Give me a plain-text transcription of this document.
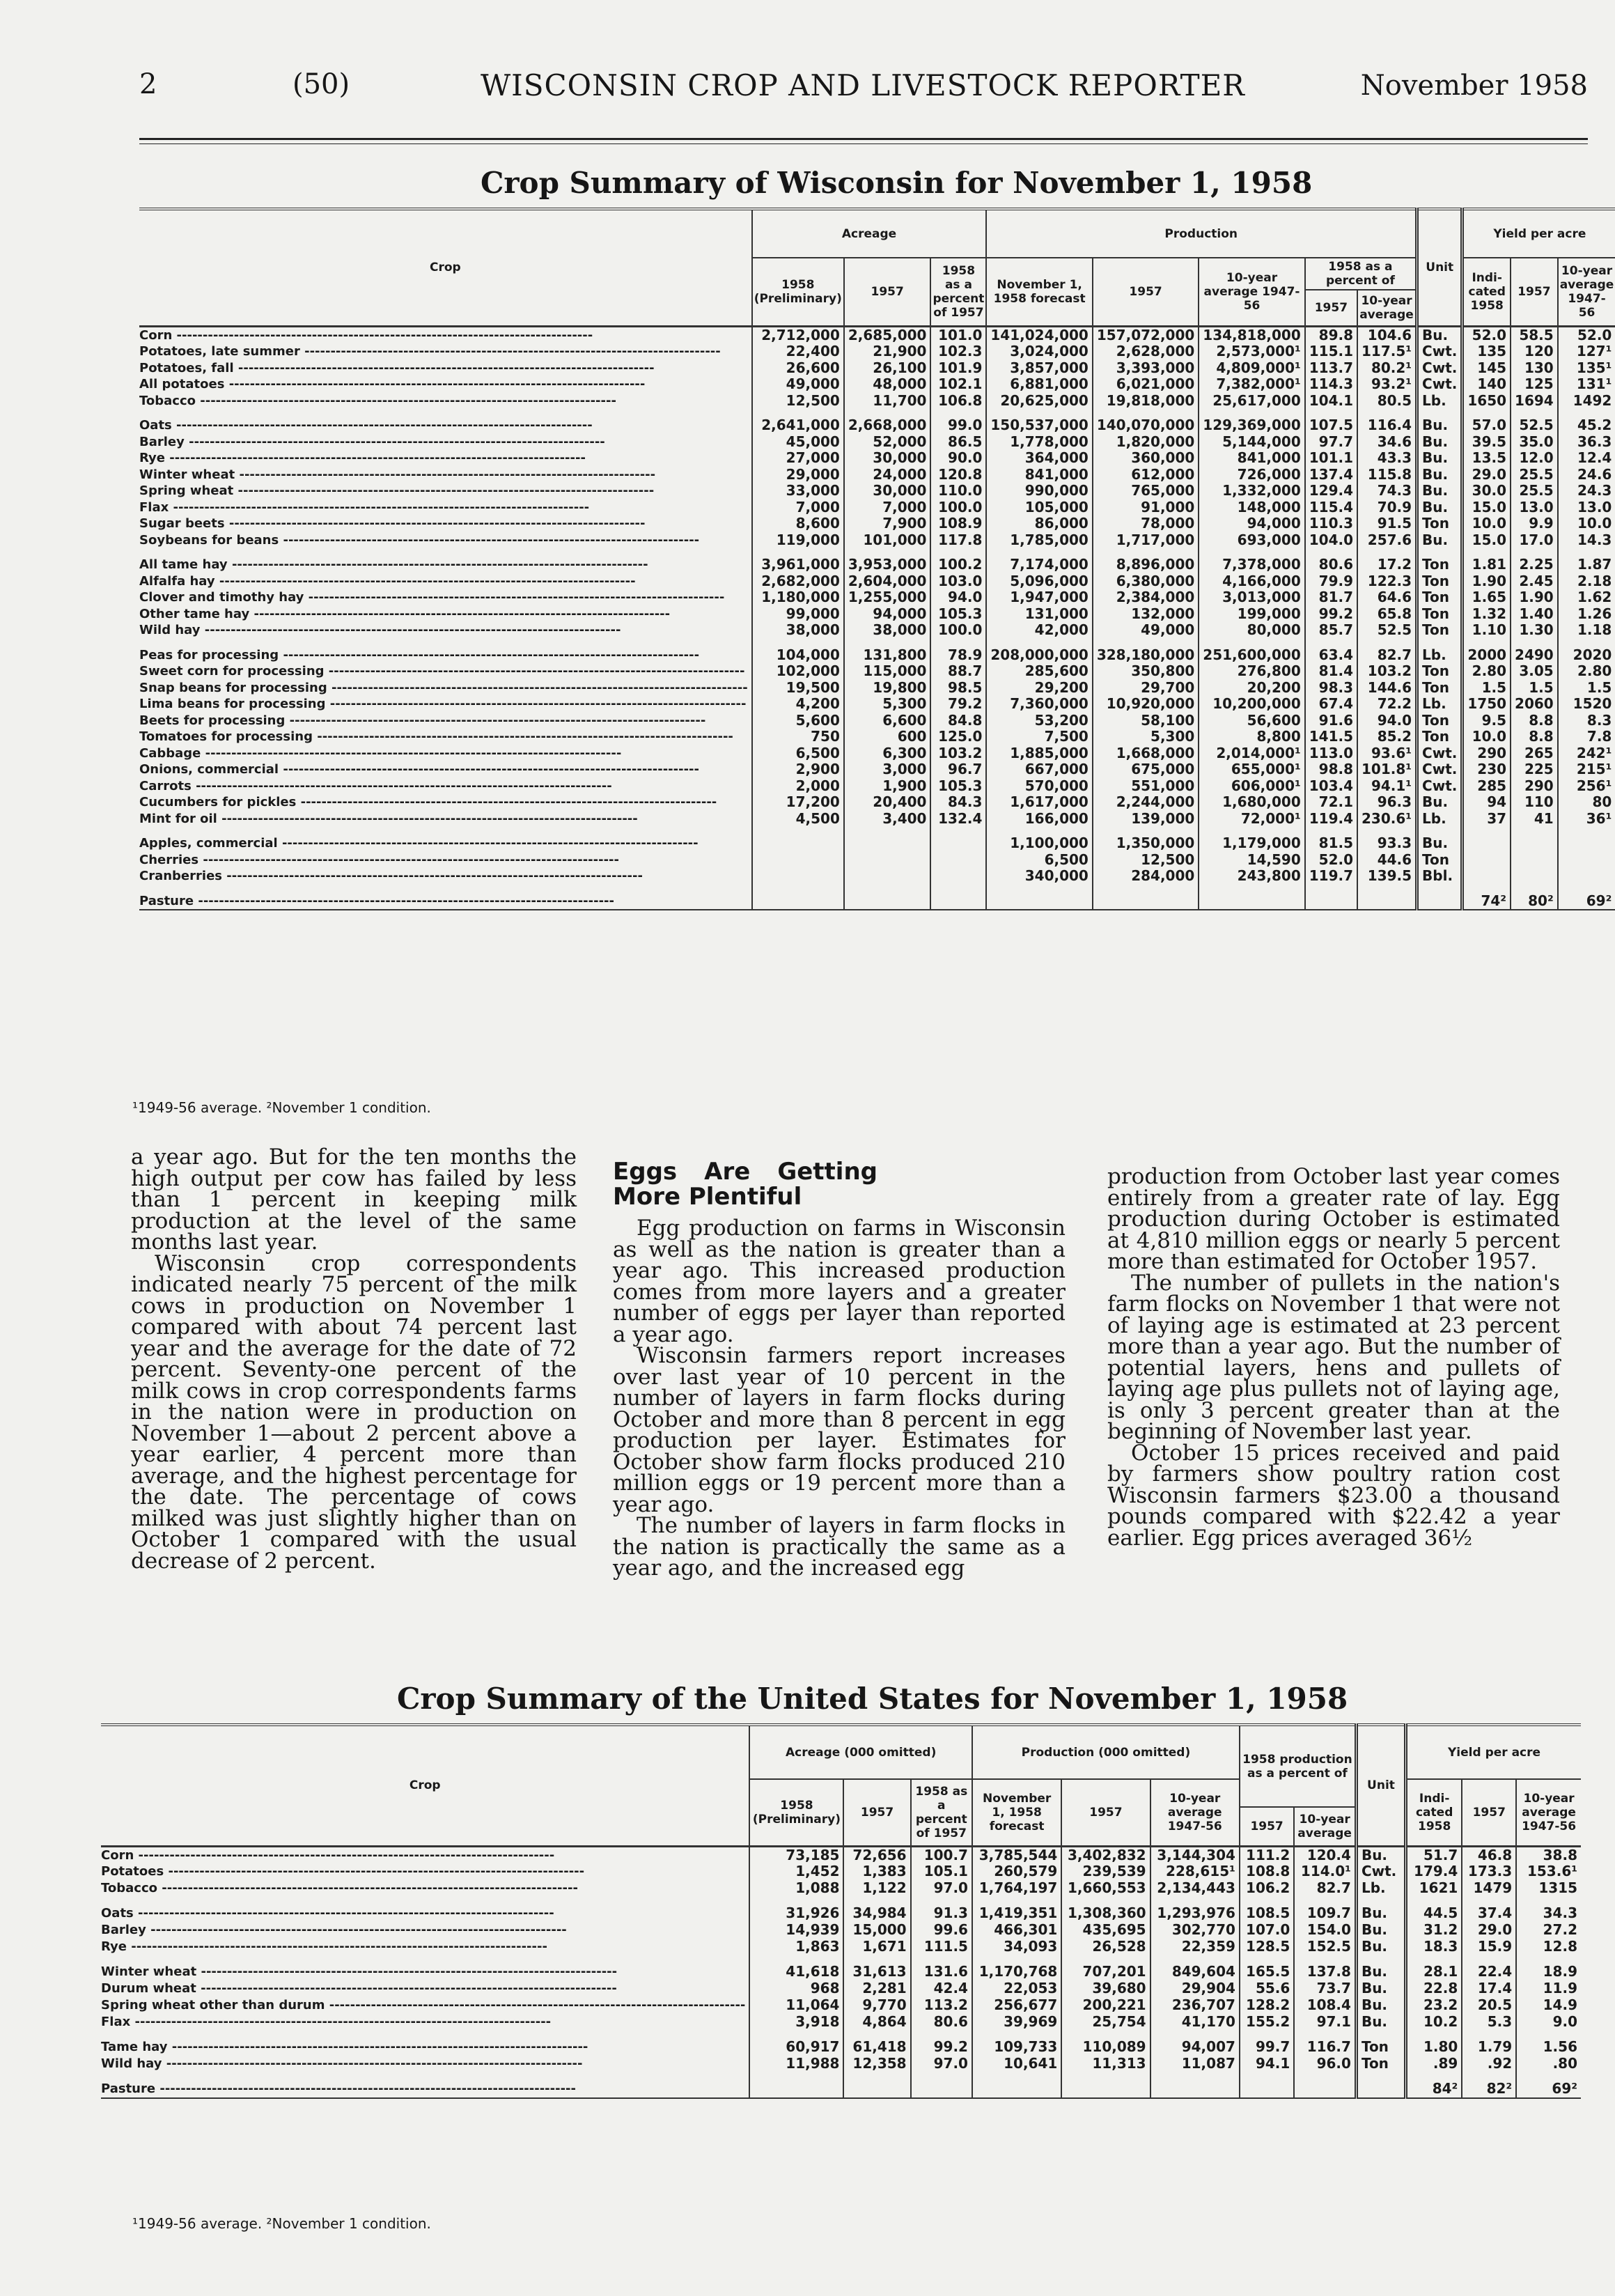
2	(50)	WISCONSIN CROP AND LIVESTOCK REPORTER	November 1958
Crop Summary of Wisconsin for November 1, 1958
Crop	Acreage			Production					Unit	Yield per acre		
	1958 (Preliminary)	1957	1958 as a percent of 1957	November 1, 1958 forecast	1957	10-year average 1947-56	1958 as a percent of			Indi-cated 1958	1957	10-year average 1947-56
							1957	10-year average				
Corn --------------------------------------------------------------------------------	2,712,000	2,685,000	101.0	141,024,000	157,072,000	134,818,000	89.8	104.6	Bu.	52.0	58.5	52.0
Potatoes, late summer --------------------------------------------------------------------------------	22,400	21,900	102.3	3,024,000	2,628,000	2,573,000¹	115.1	117.5¹	Cwt.	135	120	127¹
Potatoes, fall --------------------------------------------------------------------------------	26,600	26,100	101.9	3,857,000	3,393,000	4,809,000¹	113.7	80.2¹	Cwt.	145	130	135¹
All potatoes --------------------------------------------------------------------------------	49,000	48,000	102.1	6,881,000	6,021,000	7,382,000¹	114.3	93.2¹	Cwt.	140	125	131¹
Tobacco --------------------------------------------------------------------------------	12,500	11,700	106.8	20,625,000	19,818,000	25,617,000	104.1	80.5	Lb.	1650	1694	1492

Oats --------------------------------------------------------------------------------	2,641,000	2,668,000	99.0	150,537,000	140,070,000	129,369,000	107.5	116.4	Bu.	57.0	52.5	45.2
Barley --------------------------------------------------------------------------------	45,000	52,000	86.5	1,778,000	1,820,000	5,144,000	97.7	34.6	Bu.	39.5	35.0	36.3
Rye --------------------------------------------------------------------------------	27,000	30,000	90.0	364,000	360,000	841,000	101.1	43.3	Bu.	13.5	12.0	12.4
Winter wheat --------------------------------------------------------------------------------	29,000	24,000	120.8	841,000	612,000	726,000	137.4	115.8	Bu.	29.0	25.5	24.6
Spring wheat --------------------------------------------------------------------------------	33,000	30,000	110.0	990,000	765,000	1,332,000	129.4	74.3	Bu.	30.0	25.5	24.3
Flax --------------------------------------------------------------------------------	7,000	7,000	100.0	105,000	91,000	148,000	115.4	70.9	Bu.	15.0	13.0	13.0
Sugar beets --------------------------------------------------------------------------------	8,600	7,900	108.9	86,000	78,000	94,000	110.3	91.5	Ton	10.0	9.9	10.0
Soybeans for beans --------------------------------------------------------------------------------	119,000	101,000	117.8	1,785,000	1,717,000	693,000	104.0	257.6	Bu.	15.0	17.0	14.3

All tame hay --------------------------------------------------------------------------------	3,961,000	3,953,000	100.2	7,174,000	8,896,000	7,378,000	80.6	17.2	Ton	1.81	2.25	1.87
Alfalfa hay --------------------------------------------------------------------------------	2,682,000	2,604,000	103.0	5,096,000	6,380,000	4,166,000	79.9	122.3	Ton	1.90	2.45	2.18
Clover and timothy hay --------------------------------------------------------------------------------	1,180,000	1,255,000	94.0	1,947,000	2,384,000	3,013,000	81.7	64.6	Ton	1.65	1.90	1.62
Other tame hay --------------------------------------------------------------------------------	99,000	94,000	105.3	131,000	132,000	199,000	99.2	65.8	Ton	1.32	1.40	1.26
Wild hay --------------------------------------------------------------------------------	38,000	38,000	100.0	42,000	49,000	80,000	85.7	52.5	Ton	1.10	1.30	1.18

Peas for processing --------------------------------------------------------------------------------	104,000	131,800	78.9	208,000,000	328,180,000	251,600,000	63.4	82.7	Lb.	2000	2490	2020
Sweet corn for processing --------------------------------------------------------------------------------	102,000	115,000	88.7	285,600	350,800	276,800	81.4	103.2	Ton	2.80	3.05	2.80
Snap beans for processing --------------------------------------------------------------------------------	19,500	19,800	98.5	29,200	29,700	20,200	98.3	144.6	Ton	1.5	1.5	1.5
Lima beans for processing --------------------------------------------------------------------------------	4,200	5,300	79.2	7,360,000	10,920,000	10,200,000	67.4	72.2	Lb.	1750	2060	1520
Beets for processing --------------------------------------------------------------------------------	5,600	6,600	84.8	53,200	58,100	56,600	91.6	94.0	Ton	9.5	8.8	8.3
Tomatoes for processing --------------------------------------------------------------------------------	750	600	125.0	7,500	5,300	8,800	141.5	85.2	Ton	10.0	8.8	7.8
Cabbage --------------------------------------------------------------------------------	6,500	6,300	103.2	1,885,000	1,668,000	2,014,000¹	113.0	93.6¹	Cwt.	290	265	242¹
Onions, commercial --------------------------------------------------------------------------------	2,900	3,000	96.7	667,000	675,000	655,000¹	98.8	101.8¹	Cwt.	230	225	215¹
Carrots --------------------------------------------------------------------------------	2,000	1,900	105.3	570,000	551,000	606,000¹	103.4	94.1¹	Cwt.	285	290	256¹
Cucumbers for pickles --------------------------------------------------------------------------------	17,200	20,400	84.3	1,617,000	2,244,000	1,680,000	72.1	96.3	Bu.	94	110	80
Mint for oil --------------------------------------------------------------------------------	4,500	3,400	132.4	166,000	139,000	72,000¹	119.4	230.6¹	Lb.	37	41	36¹

Apples, commercial --------------------------------------------------------------------------------				1,100,000	1,350,000	1,179,000	81.5	93.3	Bu.			
Cherries --------------------------------------------------------------------------------				6,500	12,500	14,590	52.0	44.6	Ton			
Cranberries --------------------------------------------------------------------------------				340,000	284,000	243,800	119.7	139.5	Bbl.			

Pasture --------------------------------------------------------------------------------										74²	80²	69²
¹1949-56 average. ²November 1 condition.

a year ago. But for the ten months the high output per cow has failed by less than 1 percent in keeping milk production at the level of the same months last year.

Wisconsin crop correspondents indicated nearly 75 percent of the milk cows in production on November 1 compared with about 74 percent last year and the average for the date of 72 percent. Seventy-one percent of the milk cows in crop correspondents farms in the nation were in production on November 1—about 2 percent above a year earlier, 4 percent more than average, and the highest percentage for the date. The percentage of cows milked was just slightly higher than on October 1 compared with the usual decrease of 2 percent.

Eggs Are Getting More Plentiful

Egg production on farms in Wisconsin as well as the nation is greater than a year ago. This increased production comes from more layers and a greater number of eggs per layer than reported a year ago.

Wisconsin farmers report increases over last year of 10 percent in the number of layers in farm flocks during October and more than 8 percent in egg production per layer. Estimates for October show farm flocks produced 210 million eggs or 19 percent more than a year ago.

The number of layers in farm flocks in the nation is practically the same as a year ago, and the increased egg

production from October last year comes entirely from a greater rate of lay. Egg production during October is estimated at 4,810 million eggs or nearly 5 percent more than estimated for October 1957.

The number of pullets in the nation's farm flocks on November 1 that were not of laying age is estimated at 23 percent more than a year ago. But the number of potential layers, hens and pullets of laying age plus pullets not of laying age, is only 3 percent greater than at the beginning of November last year.

October 15 prices received and paid by farmers show poultry ration cost Wisconsin farmers $23.00 a thousand pounds compared with $22.42 a year earlier. Egg prices averaged 36½

Crop Summary of the United States for November 1, 1958
Crop	Acreage (000 omitted)			Production (000 omitted)			1958 production as a percent of		Unit	Yield per acre		
	1958 (Preliminary)	1957	1958 as a percent of 1957	November 1, 1958 forecast	1957	10-year average 1947-56				Indi-cated 1958	1957	10-year average 1947-56
							1957	10-year average				
Corn --------------------------------------------------------------------------------	73,185	72,656	100.7	3,785,544	3,402,832	3,144,304	111.2	120.4	Bu.	51.7	46.8	38.8
Potatoes --------------------------------------------------------------------------------	1,452	1,383	105.1	260,579	239,539	228,615¹	108.8	114.0¹	Cwt.	179.4	173.3	153.6¹
Tobacco --------------------------------------------------------------------------------	1,088	1,122	97.0	1,764,197	1,660,553	2,134,443	106.2	82.7	Lb.	1621	1479	1315

Oats --------------------------------------------------------------------------------	31,926	34,984	91.3	1,419,351	1,308,360	1,293,976	108.5	109.7	Bu.	44.5	37.4	34.3
Barley --------------------------------------------------------------------------------	14,939	15,000	99.6	466,301	435,695	302,770	107.0	154.0	Bu.	31.2	29.0	27.2
Rye --------------------------------------------------------------------------------	1,863	1,671	111.5	34,093	26,528	22,359	128.5	152.5	Bu.	18.3	15.9	12.8

Winter wheat --------------------------------------------------------------------------------	41,618	31,613	131.6	1,170,768	707,201	849,604	165.5	137.8	Bu.	28.1	22.4	18.9
Durum wheat --------------------------------------------------------------------------------	968	2,281	42.4	22,053	39,680	29,904	55.6	73.7	Bu.	22.8	17.4	11.9
Spring wheat other than durum --------------------------------------------------------------------------------	11,064	9,770	113.2	256,677	200,221	236,707	128.2	108.4	Bu.	23.2	20.5	14.9
Flax --------------------------------------------------------------------------------	3,918	4,864	80.6	39,969	25,754	41,170	155.2	97.1	Bu.	10.2	5.3	9.0

Tame hay --------------------------------------------------------------------------------	60,917	61,418	99.2	109,733	110,089	94,007	99.7	116.7	Ton	1.80	1.79	1.56
Wild hay --------------------------------------------------------------------------------	11,988	12,358	97.0	10,641	11,313	11,087	94.1	96.0	Ton	.89	.92	.80

Pasture --------------------------------------------------------------------------------										84²	82²	69²
¹1949-56 average. ²November 1 condition.
